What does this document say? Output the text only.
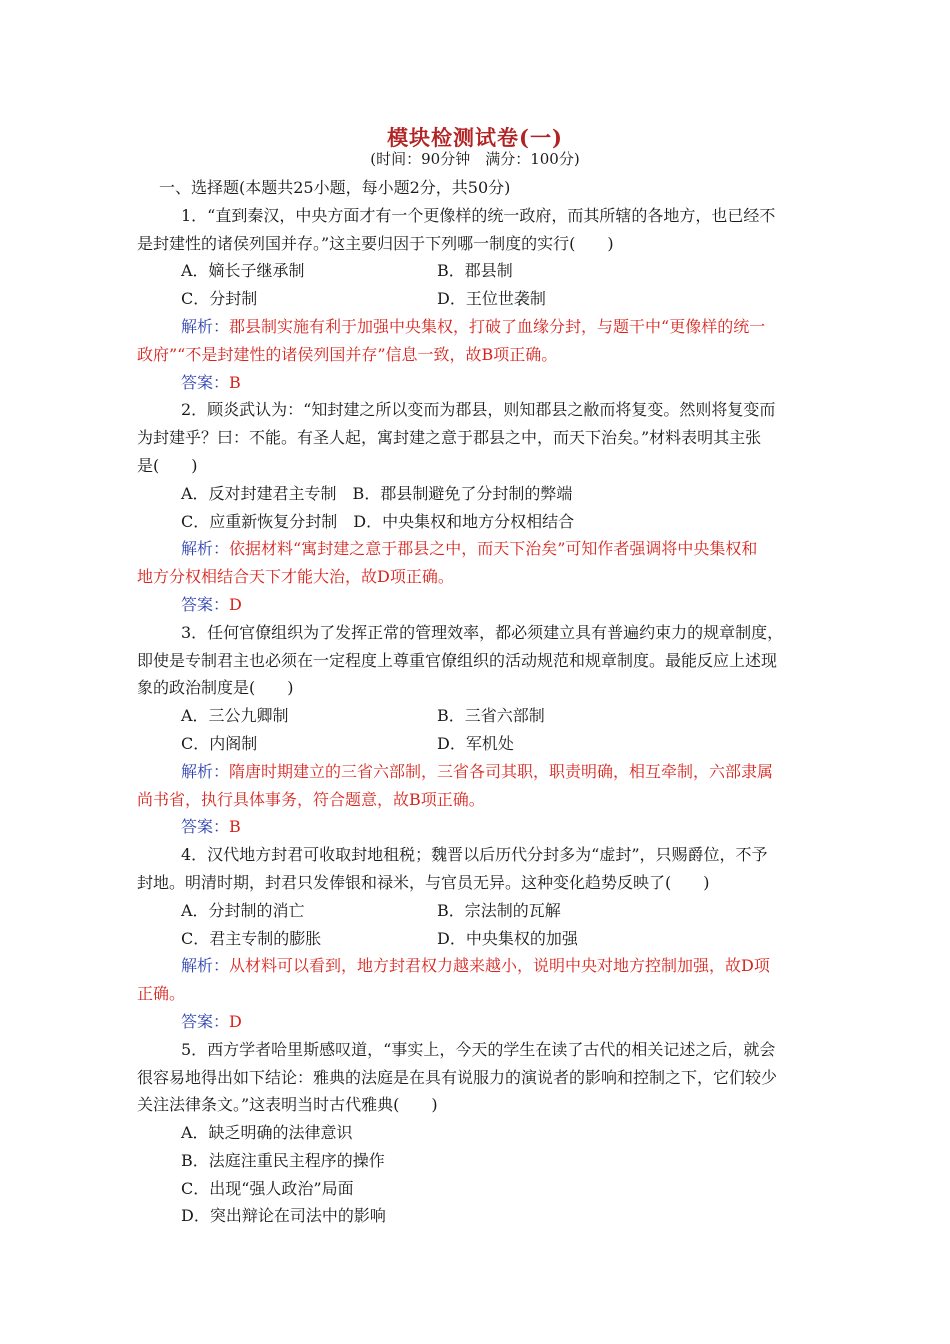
模块检测试卷(一)
(时间：90分钟　满分：100分)
一、选择题(本题共25小题，每小题2分，共50分)
1．“直到秦汉，中央方面才有一个更像样的统一政府，而其所辖的各地方，也已经不
是封建性的诸侯列国并存。”这主要归因于下列哪一制度的实行(　　)
A．嫡长子继承制	B．郡县制
C．分封制	D．王位世袭制
解析：郡县制实施有利于加强中央集权，打破了血缘分封，与题干中“更像样的统一
政府”“不是封建性的诸侯列国并存”信息一致，故B项正确。
答案：B
2．顾炎武认为：“知封建之所以变而为郡县，则知郡县之敝而将复变。然则将复变而
为封建乎？曰：不能。有圣人起，寓封建之意于郡县之中，而天下治矣。”材料表明其主张
是(　　)
A．反对封建君主专制　B．郡县制避免了分封制的弊端
C．应重新恢复分封制　D．中央集权和地方分权相结合
解析：依据材料“寓封建之意于郡县之中，而天下治矣”可知作者强调将中央集权和
地方分权相结合天下才能大治，故D项正确。
答案：D
3．任何官僚组织为了发挥正常的管理效率，都必须建立具有普遍约束力的规章制度，
即使是专制君主也必须在一定程度上尊重官僚组织的活动规范和规章制度。最能反应上述现
象的政治制度是(　　)
A．三公九卿制	B．三省六部制
C．内阁制	D．军机处
解析：隋唐时期建立的三省六部制，三省各司其职，职责明确，相互牵制，六部隶属
尚书省，执行具体事务，符合题意，故B项正确。
答案：B
4．汉代地方封君可收取封地租税；魏晋以后历代分封多为“虚封”，只赐爵位，不予
封地。明清时期，封君只发俸银和禄米，与官员无异。这种变化趋势反映了(　　)
A．分封制的消亡	B．宗法制的瓦解
C．君主专制的膨胀	D．中央集权的加强
解析：从材料可以看到，地方封君权力越来越小，说明中央对地方控制加强，故D项
正确。
答案：D
5．西方学者哈里斯感叹道，“事实上，今天的学生在读了古代的相关记述之后，就会
很容易地得出如下结论：雅典的法庭是在具有说服力的演说者的影响和控制之下，它们较少
关注法律条文。”这表明当时古代雅典(　　)
A．缺乏明确的法律意识
B．法庭注重民主程序的操作
C．出现“强人政治”局面
D．突出辩论在司法中的影响
